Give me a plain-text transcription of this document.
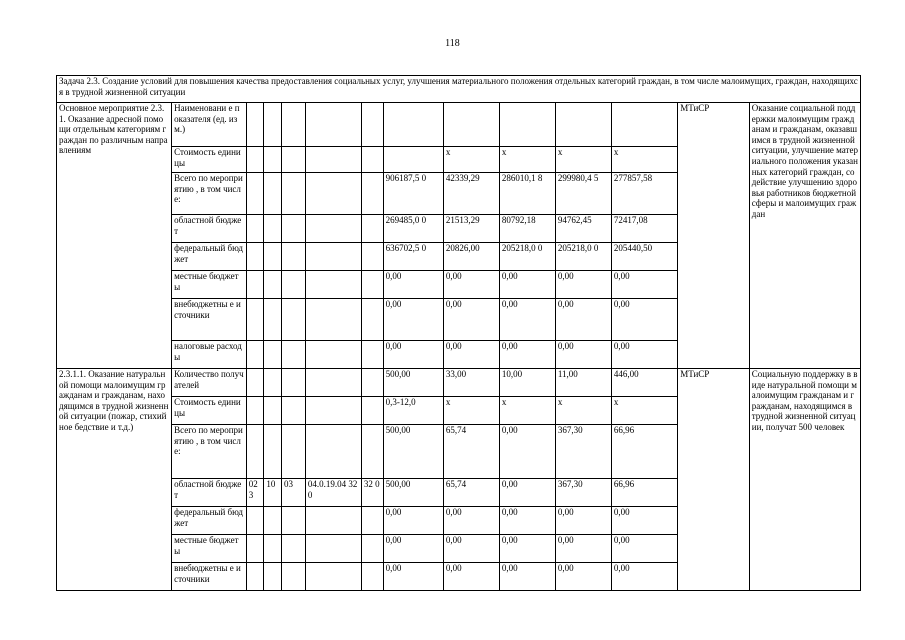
118
Задача 2.3. Создание условий для повышения качества предоставления социальных услуг, улучшения материального положения отдельных категорий граждан, в том числе малоимущих, граждан, находящихся в трудной жизненной ситуации													
Основное мероприятие 2.3.1. Оказание адресной помощи отдельным категориям граждан по различным направлениям	Наименовани е показателя (ед. изм.)											МТиСР	Оказание социальной поддержки малоимущим гражданам и гражданам, оказавшимся в трудной жизненной ситуации, улучшение материального положения указанных категорий граждан, содействие улучшению здоровья работников бюджетной сферы и малоимущих граждан
	Стоимость единицы							х	х	х	х		
	Всего по мероприятию , в том числе:						906187,5 0	42339,29	286010,1 8	299980,4 5	277857,58		
	областной бюджет						269485,0 0	21513,29	80792,18	94762,45	72417,08		
	федеральный бюджет						636702,5 0	20826,00	205218,0 0	205218,0 0	205440,50		
	местные бюджеты						0,00	0,00	0,00	0,00	0,00		
	внебюджетны е источники						0,00	0,00	0,00	0,00	0,00		
	налоговые расходы						0,00	0,00	0,00	0,00	0,00		
2.3.1.1. Оказание натуральной помощи малоимущим гражданам и гражданам, находящимся в трудной жизненной ситуации (пожар, стихийное бедствие и т.д.)	Количество получателей						500,00	33,00	10,00	11,00	446,00	МТиСР	Социальную поддержку в виде натуральной помощи малоимущим гражданам и гражданам, находящимся в трудной жизненной ситуации, получат 500 человек
	Стоимость единицы						0,3-12,0	х	х	х	х		
	Всего по мероприятию , в том числе:						500,00	65,74	0,00	367,30	66,96		
	областной бюджет	02 3	10	03	04.0.19.04 320	32 0	500,00	65,74	0,00	367,30	66,96		
	федеральный бюджет						0,00	0,00	0,00	0,00	0,00		
	местные бюджеты						0,00	0,00	0,00	0,00	0,00		
	внебюджетны е источники						0,00	0,00	0,00	0,00	0,00		
